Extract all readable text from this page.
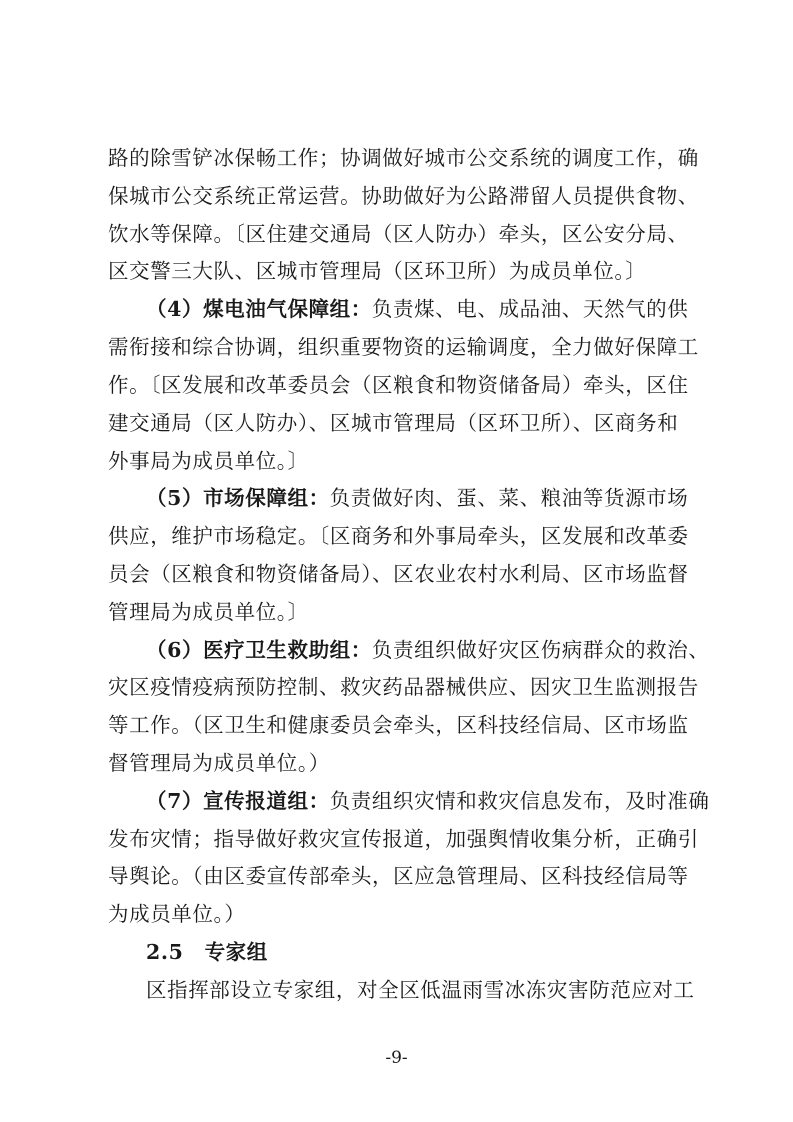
路的除雪铲冰保畅工作；协调做好城市公交系统的调度工作，确
保城市公交系统正常运营。协助做好为公路滞留人员提供食物、
饮水等保障。〔区住建交通局（区人防办）牵头，区公安分局、
区交警三大队、区城市管理局（区环卫所）为成员单位。〕
（4）煤电油气保障组：负责煤、电、成品油、天然气的供
需衔接和综合协调，组织重要物资的运输调度，全力做好保障工
作。〔区发展和改革委员会（区粮食和物资储备局）牵头，区住
建交通局（区人防办）、区城市管理局（区环卫所）、区商务和
外事局为成员单位。〕
（5）市场保障组：负责做好肉、蛋、菜、粮油等货源市场
供应，维护市场稳定。〔区商务和外事局牵头，区发展和改革委
员会（区粮食和物资储备局）、区农业农村水利局、区市场监督
管理局为成员单位。〕
（6）医疗卫生救助组：负责组织做好灾区伤病群众的救治、
灾区疫情疫病预防控制、救灾药品器械供应、因灾卫生监测报告
等工作。（区卫生和健康委员会牵头，区科技经信局、区市场监
督管理局为成员单位。）
（7）宣传报道组：负责组织灾情和救灾信息发布，及时准确
发布灾情；指导做好救灾宣传报道，加强舆情收集分析，正确引
导舆论。（由区委宣传部牵头，区应急管理局、区科技经信局等
为成员单位。）
2.5　专家组
区指挥部设立专家组，对全区低温雨雪冰冻灾害防范应对工
-9-
